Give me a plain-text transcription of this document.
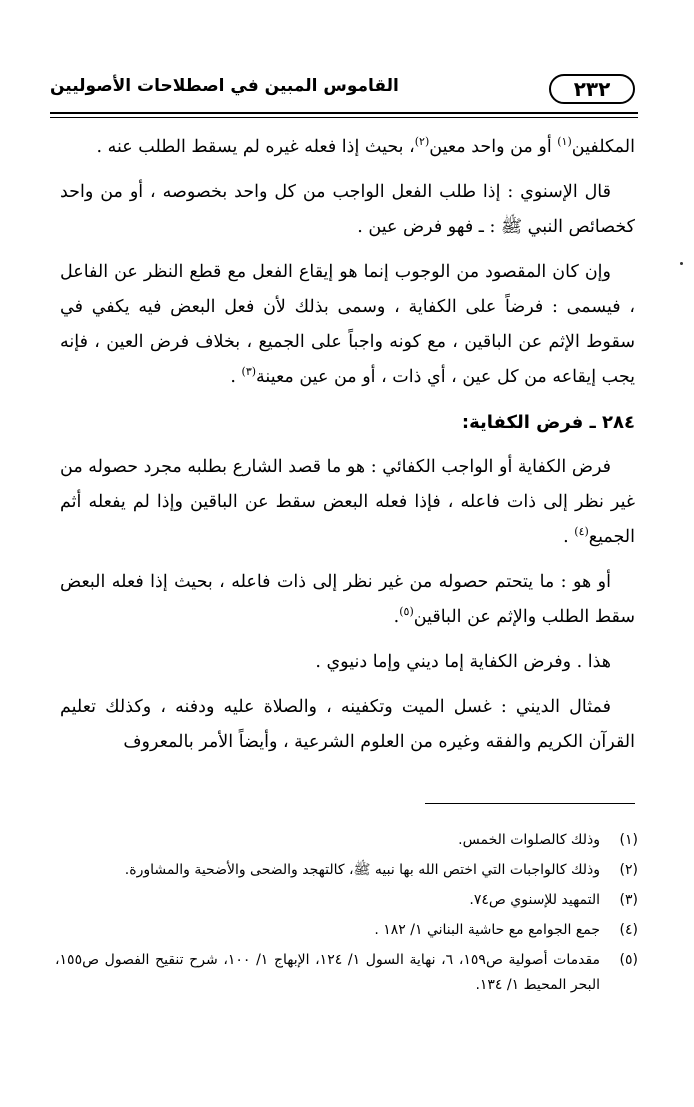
٢٣٢
القاموس المبين في اصطلاحات الأصوليين

المكلفين$^{(١)}$ أو من واحد معين$^{(٢)}$، بحيث إذا فعله غيره لم يسقط الطلب عنه .

قال الإسنوي : إذا طلب الفعل الواجب من كل واحد بخصوصه ، أو من واحد كخصائص النبي ﷺ : ـ فهو فرض عين .

وإن كان المقصود من الوجوب إنما هو إيقاع الفعل مع قطع النظر عن الفاعل ، فيسمى : فرضاً على الكفاية ، وسمى بذلك لأن فعل البعض فيه يكفي في سقوط الإثم عن الباقين ، مع كونه واجباً على الجميع ، بخلاف فرض العين ، فإنه يجب إيقاعه من كل عين ، أي ذات ، أو من عين معينة$^{(٣)}$ .

٢٨٤ ـ فرض الكفاية:

فرض الكفاية أو الواجب الكفائي : هو ما قصد الشارع بطلبه مجرد حصوله من غير نظر إلى ذات فاعله ، فإذا فعله البعض سقط عن الباقين وإذا لم يفعله أثم الجميع$^{(٤)}$ .

أو هو : ما يتحتم حصوله من غير نظر إلى ذات فاعله ، بحيث إذا فعله البعض سقط الطلب والإثم عن الباقين$^{(٥)}$.

هذا . وفرض الكفاية إما ديني وإما دنيوي .

فمثال الديني : غسل الميت وتكفينه ، والصلاة عليه ودفنه ، وكذلك تعليم القرآن الكريم والفقه وغيره من العلوم الشرعية ، وأيضاً الأمر بالمعروف

(١)
وذلك كالصلوات الخمس.
(٢)
وذلك كالواجبات التي اختص الله بها نبيه ﷺ، كالتهجد والضحى والأضحية والمشاورة.
(٣)
التمهيد للإسنوي ص٧٤.
(٤)
جمع الجوامع مع حاشية البناني ١/ ١٨٢ .
(٥)
مقدمات أصولية ص١٥٩، ٦، نهاية السول ١/ ١٢٤، الإبهاج ١/ ١٠٠، شرح تنقيح الفصول ص١٥٥، البحر المحيط ١/ ١٣٤.
